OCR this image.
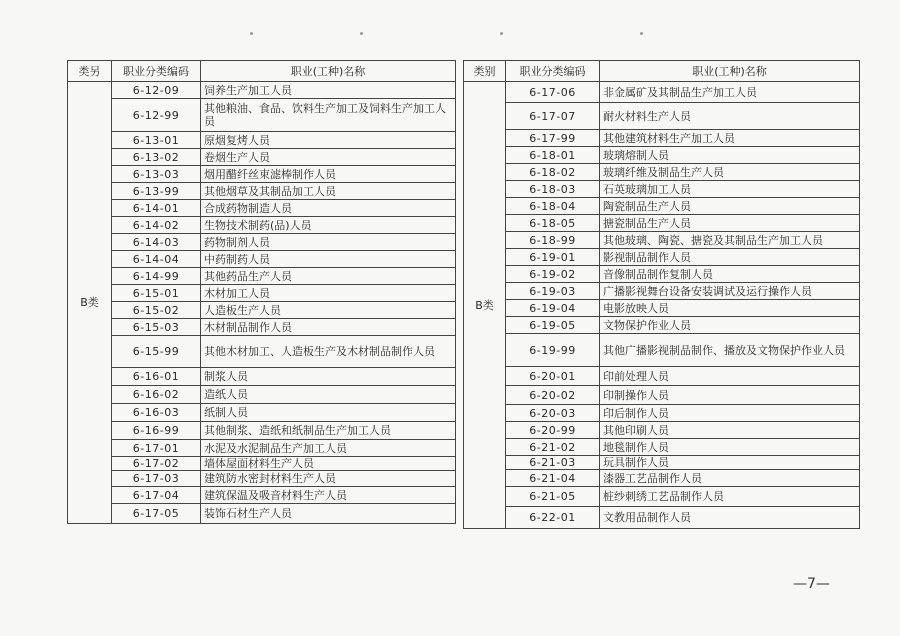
类另	职业分类编码	职业(工种)名称
B类	6-12-09	饲养生产加工人员
	6-12-99	其他粮油、食品、饮料生产加工及饲料生产加工人员
	6-13-01	原烟复烤人员
	6-13-02	卷烟生产人员
	6-13-03	烟用醋纤丝束滤棒制作人员
	6-13-99	其他烟草及其制品加工人员
	6-14-01	合成药物制造人员
	6-14-02	生物技术制药(品)人员
	6-14-03	药物制剂人员
	6-14-04	中药制药人员
	6-14-99	其他药品生产人员
	6-15-01	木材加工人员
	6-15-02	人造板生产人员
	6-15-03	木材制品制作人员
	6-15-99	其他木材加工、人造板生产及木材制品制作人员
	6-16-01	制浆人员
	6-16-02	造纸人员
	6-16-03	纸制人员
	6-16-99	其他制浆、造纸和纸制品生产加工人员
	6-17-01	水泥及水泥制品生产加工人员
	6-17-02	墙体屋面材料生产人员
	6-17-03	建筑防水密封材料生产人员
	6-17-04	建筑保温及吸音材料生产人员
	6-17-05	装饰石材生产人员
类别	职业分类编码	职业(工种)名称
B类	6-17-06	非金属矿及其制品生产加工人员
	6-17-07	耐火材料生产人员
	6-17-99	其他建筑材料生产加工人员
	6-18-01	玻璃熔制人员
	6-18-02	玻璃纤维及制品生产人员
	6-18-03	石英玻璃加工人员
	6-18-04	陶瓷制品生产人员
	6-18-05	搪瓷制品生产人员
	6-18-99	其他玻璃、陶瓷、搪瓷及其制品生产加工人员
	6-19-01	影视制品制作人员
	6-19-02	音像制品制作复制人员
	6-19-03	广播影视舞台设备安装调试及运行操作人员
	6-19-04	电影放映人员
	6-19-05	文物保护作业人员
	6-19-99	其他广播影视制品制作、播放及文物保护作业人员
	6-20-01	印前处理人员
	6-20-02	印制操作人员
	6-20-03	印后制作人员
	6-20-99	其他印刷人员
	6-21-02	地毯制作人员
	6-21-03	玩具制作人员
	6-21-04	漆器工艺品制作人员
	6-21-05	桩纱刺绣工艺品制作人员
	6-22-01	文教用品制作人员
—7—
